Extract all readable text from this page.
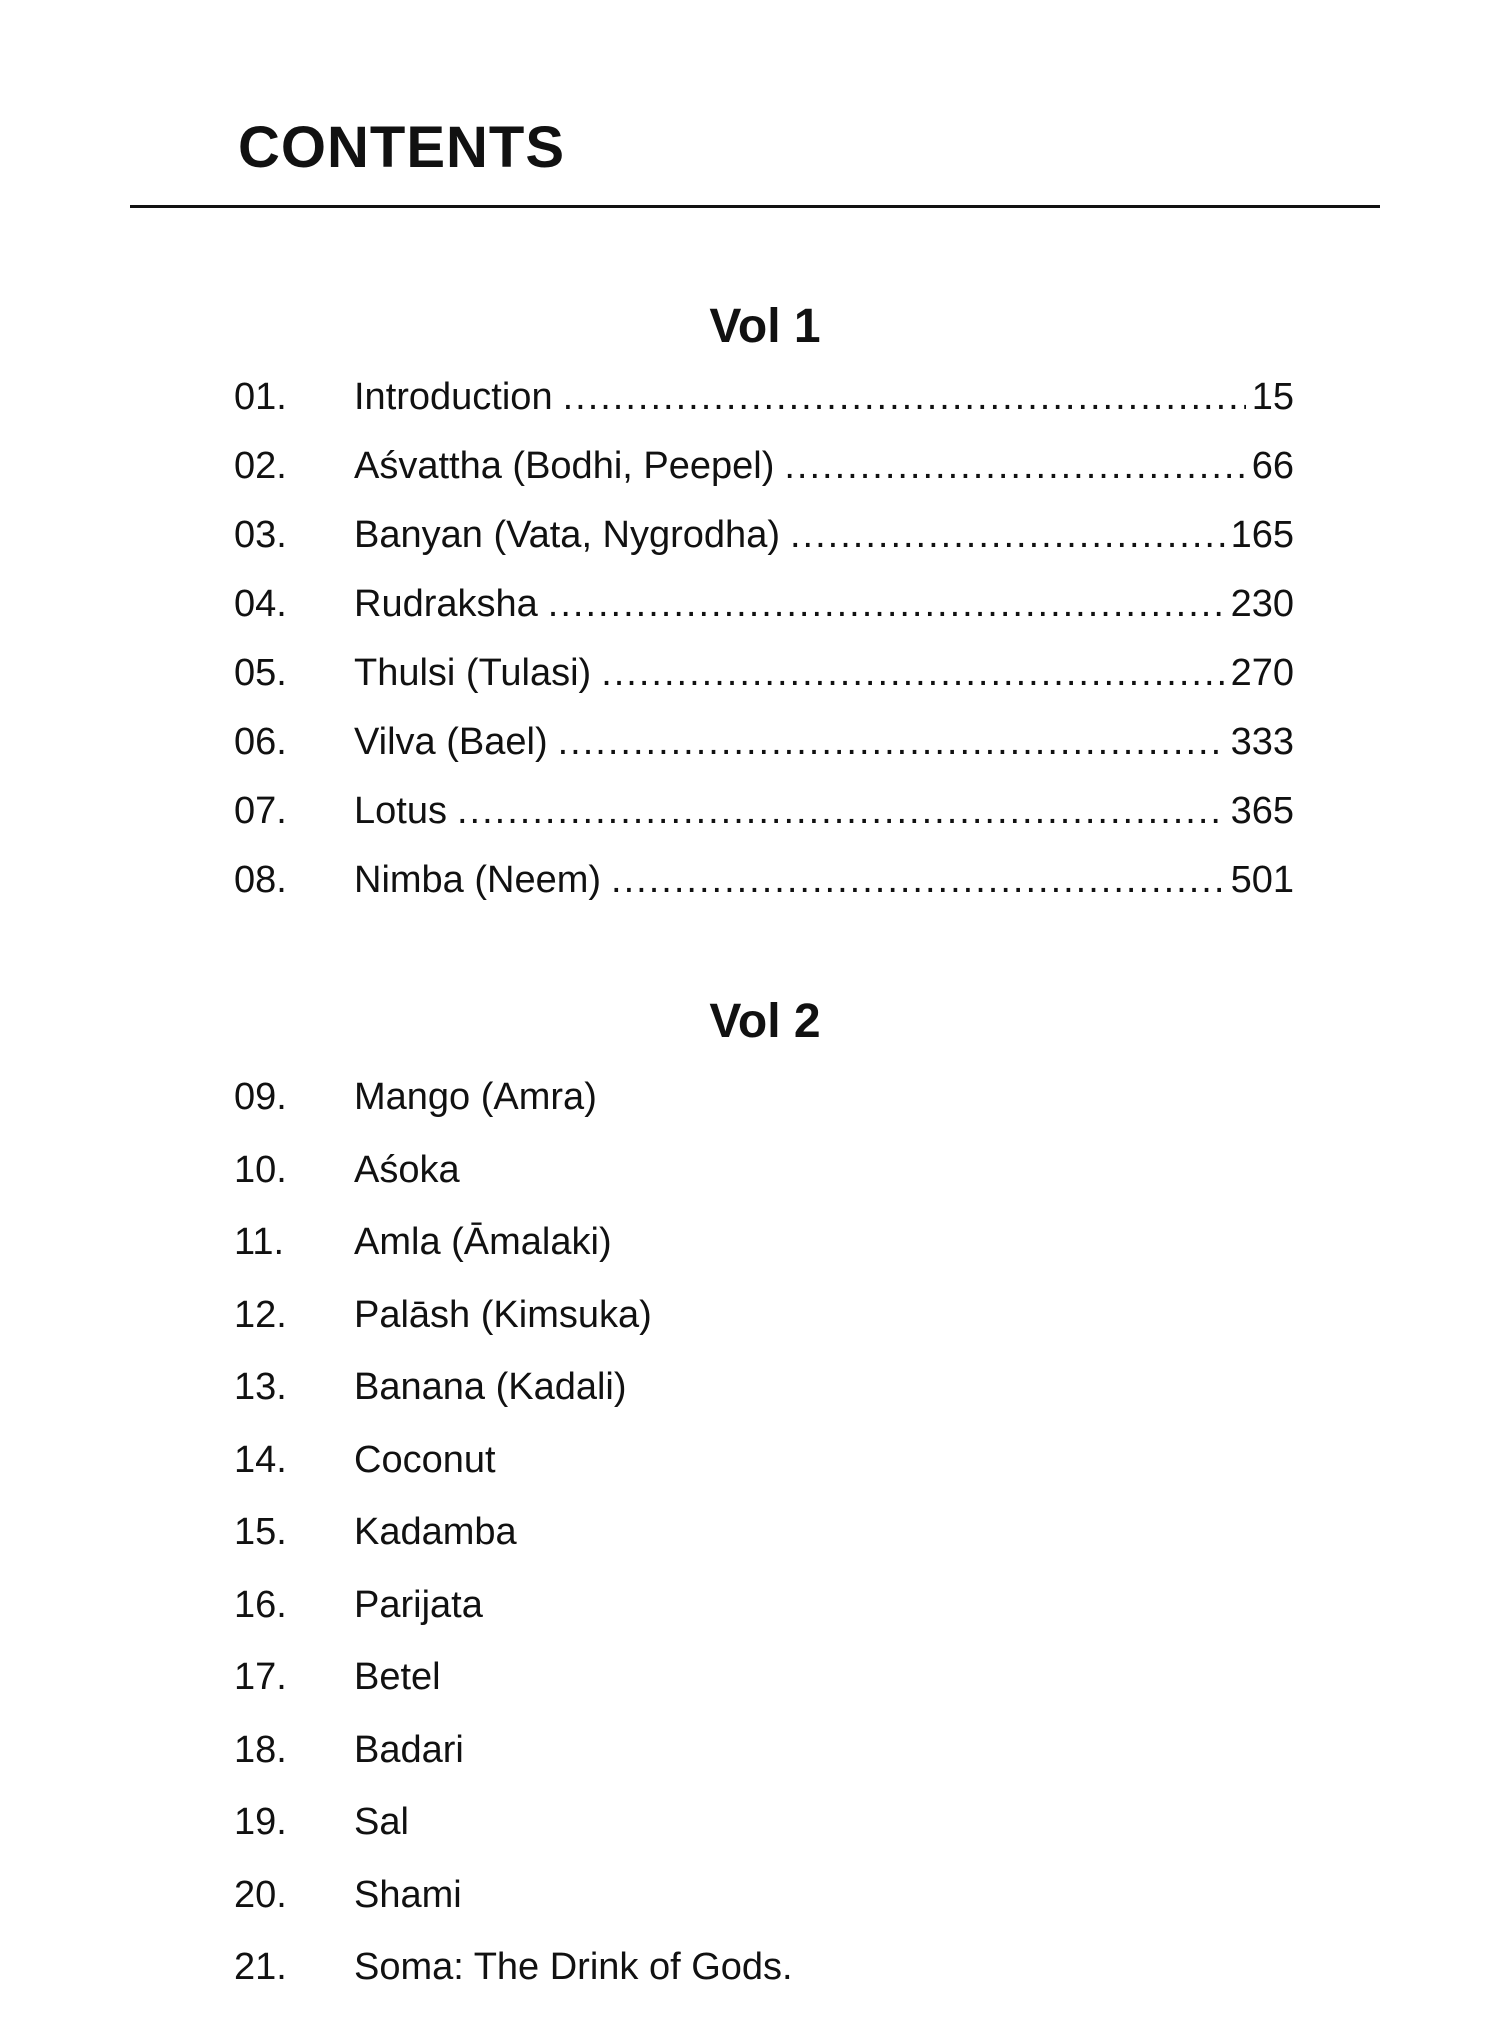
CONTENTS
Vol 1
01.	Introduction .....	15
02.	Aśvattha (Bodhi, Peepel) .....	66
03.	Banyan (Vata, Nygrodha) .....	165
04.	Rudraksha .....	230
05.	Thulsi (Tulasi) .....	270
06.	Vilva (Bael) .....	333
07.	Lotus .....	365
08.	Nimba (Neem) .....	501
Vol 2
09.	Mango (Amra)
10.	Aśoka
11.	Amla (Āmalaki)
12.	Palāsh (Kimsuka)
13.	Banana (Kadali)
14.	Coconut
15.	Kadamba
16.	Parijata
17.	Betel
18.	Badari
19.	Sal
20.	Shami
21.	Soma: The Drink of Gods.
